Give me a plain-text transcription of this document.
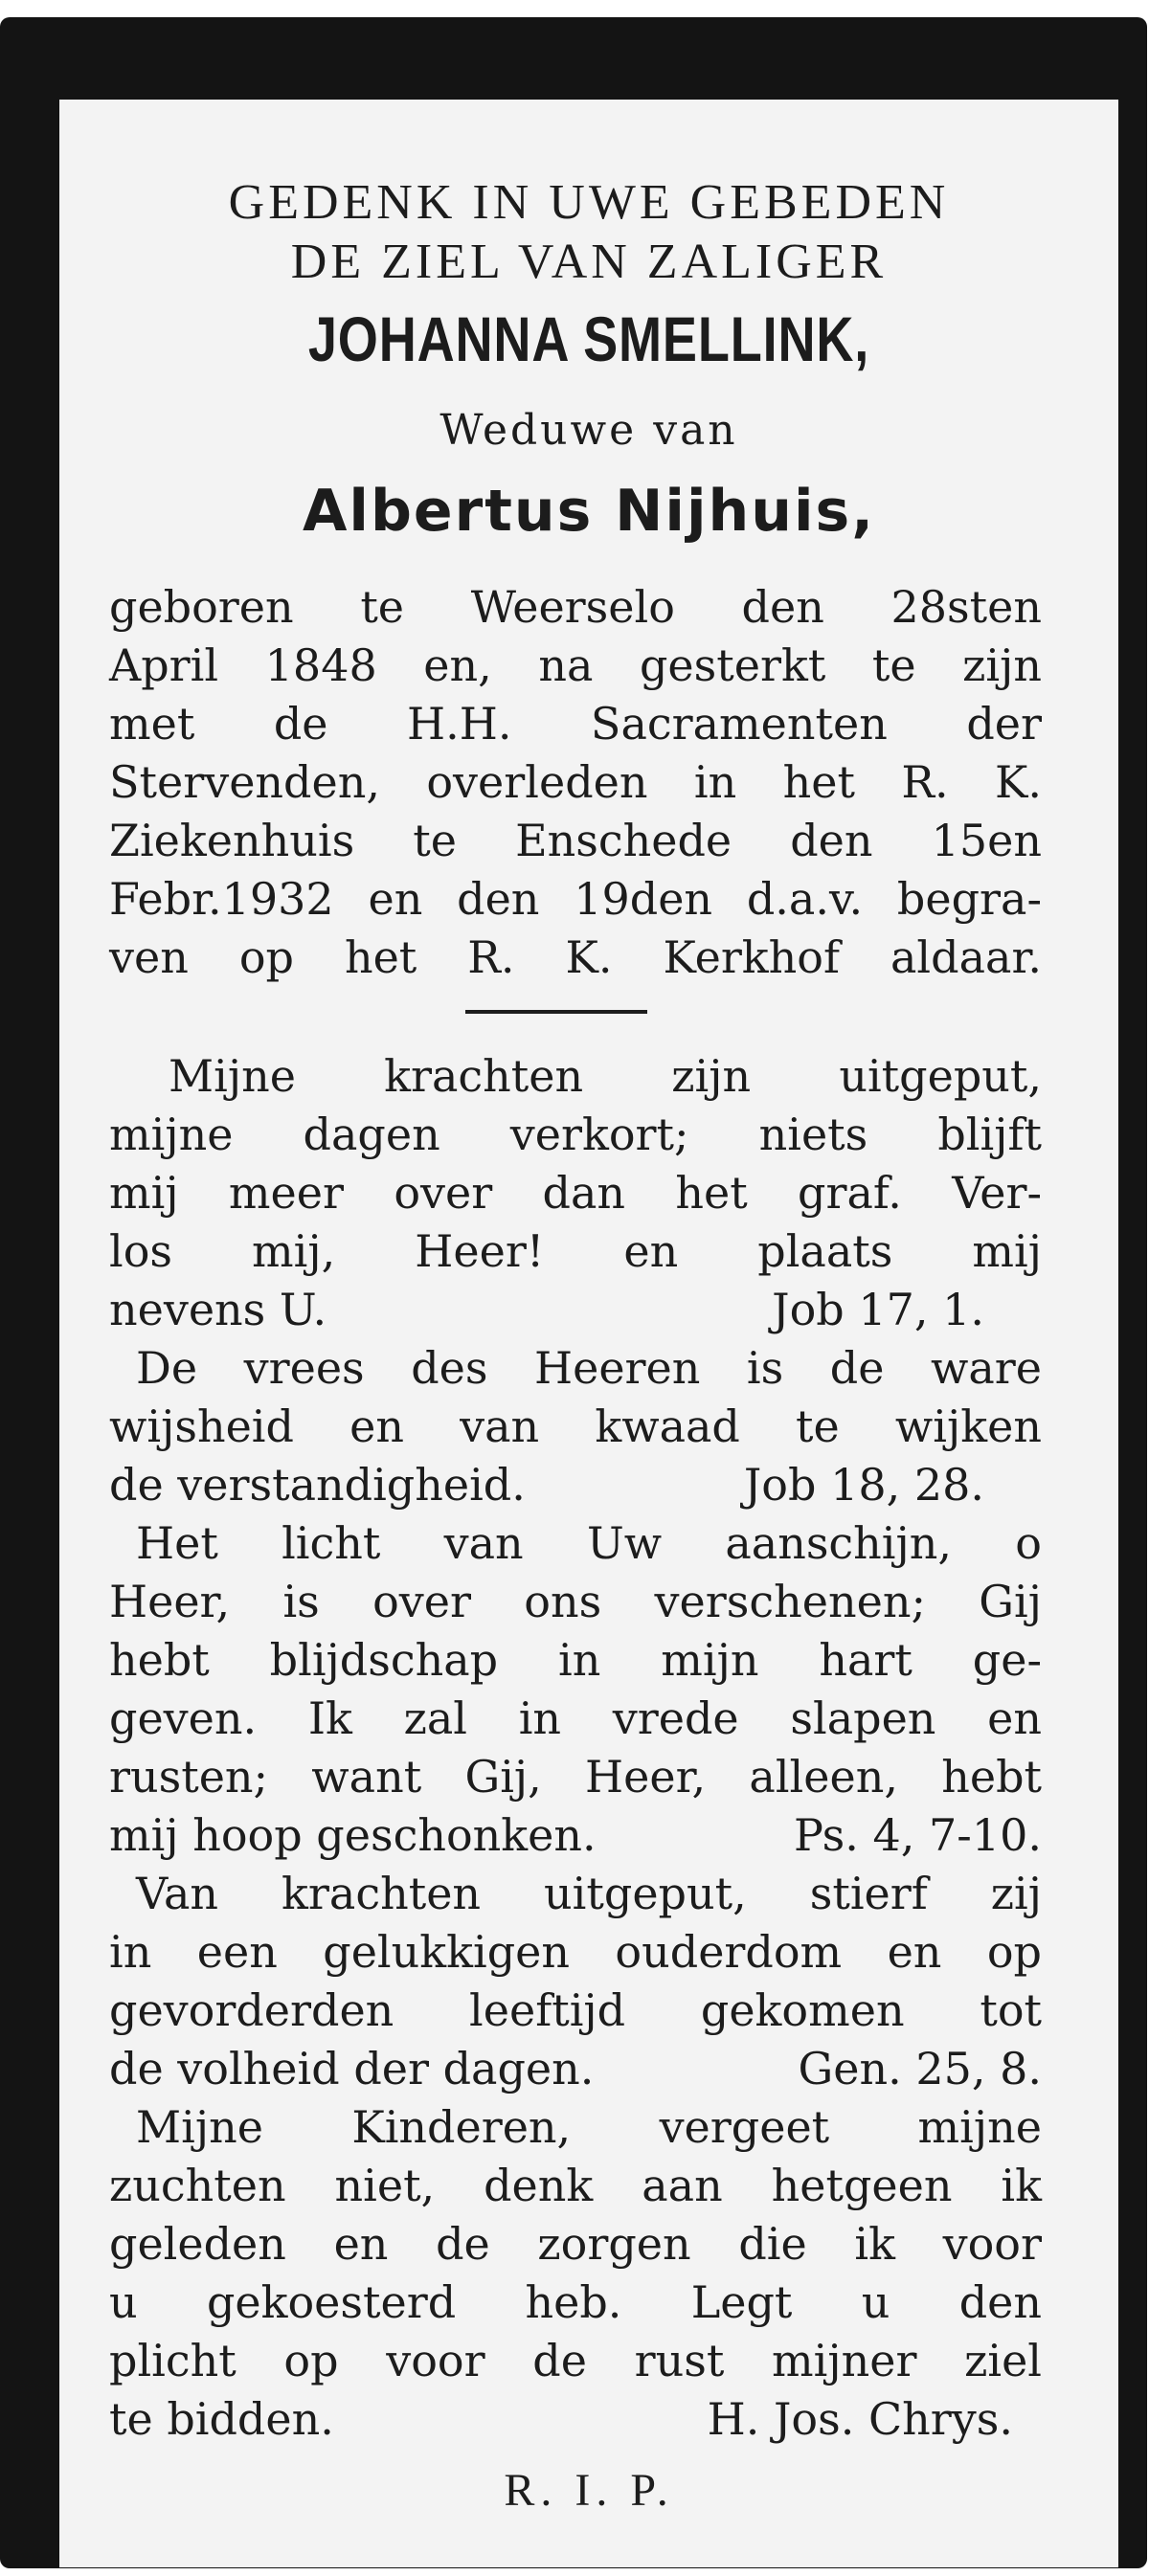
GEDENK IN UWE GEBEDEN
DE ZIEL VAN ZALIGER
JOHANNA SMELLINK,
Weduwe van
Albertus Nijhuis,
geboren te Weerselo den 28sten
April 1848 en, na gesterkt te zijn
met de H.H. Sacramenten der
Stervenden, overleden in het R. K.
Ziekenhuis te Enschede den 15en
Febr.1932 en den 19den d.a.v. begra-
ven op het R. K. Kerkhof aldaar.
Mijne krachten zijn uitgeput,
mijne dagen verkort; niets blijft
mij meer over dan het graf. Ver-
los mij, Heer! en plaats mij
nevens U.	Job 17, 1.
De vrees des Heeren is de ware
wijsheid en van kwaad te wijken
de verstandigheid.	Job 18, 28.
Het licht van Uw aanschijn, o
Heer, is over ons verschenen; Gij
hebt blijdschap in mijn hart ge-
geven. Ik zal in vrede slapen en
rusten; want Gij, Heer, alleen, hebt
mij hoop geschonken.	Ps. 4, 7-10.
Van krachten uitgeput, stierf zij
in een gelukkigen ouderdom en op
gevorderden leeftijd gekomen tot
de volheid der dagen.	Gen. 25, 8.
Mijne Kinderen, vergeet mijne
zuchten niet, denk aan hetgeen ik
geleden en de zorgen die ik voor
u gekoesterd heb. Legt u den
plicht op voor de rust mijner ziel
te bidden.	H. Jos. Chrys.
R. I. P.
